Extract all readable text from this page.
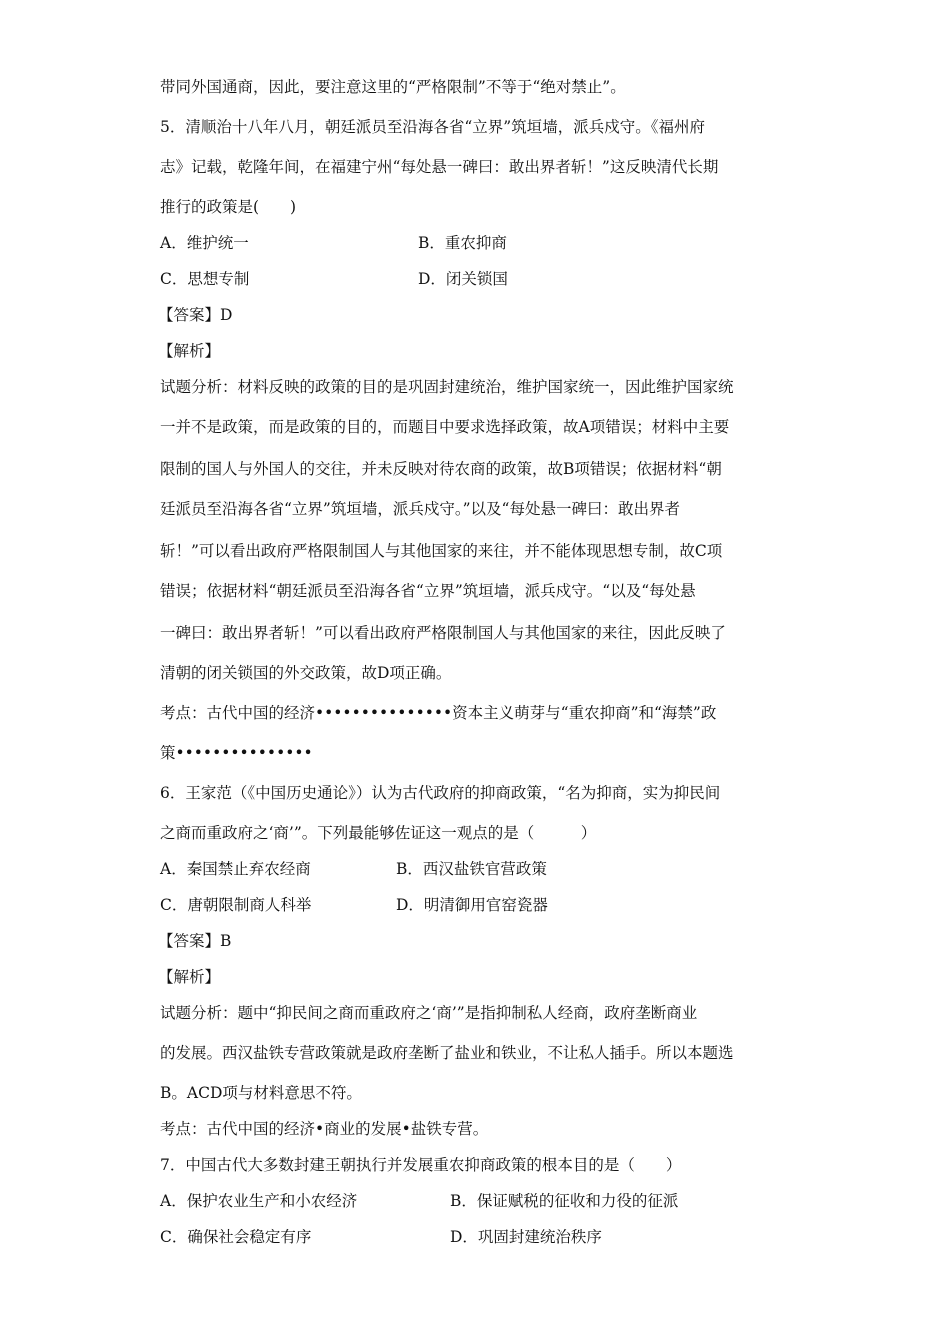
带同外国通商，因此，要注意这里的“严格限制”不等于“绝对禁止”。
5．清顺治十八年八月，朝廷派员至沿海各省“立界”筑垣墙，派兵戍守。《福州府
志》记载，乾隆年间，在福建宁州“每处悬一碑曰：敢出界者斩！”这反映清代长期
推行的政策是(　　)
A．维护统一	B．重农抑商
C．思想专制	D．闭关锁国
【答案】D
【解析】
试题分析：材料反映的政策的目的是巩固封建统治，维护国家统一，因此维护国家统
一并不是政策，而是政策的目的，而题目中要求选择政策，故A项错误；材料中主要
限制的国人与外国人的交往，并未反映对待农商的政策，故B项错误；依据材料“朝
廷派员至沿海各省“立界”筑垣墙，派兵戍守。”以及“每处悬一碑曰：敢出界者
斩！”可以看出政府严格限制国人与其他国家的来往，并不能体现思想专制，故C项
错误；依据材料“朝廷派员至沿海各省“立界”筑垣墙，派兵戍守。“以及“每处悬
一碑曰：敢出界者斩！”可以看出政府严格限制国人与其他国家的来往，因此反映了
清朝的闭关锁国的外交政策，故D项正确。
考点：古代中国的经济•••••••••••••••资本主义萌芽与“重农抑商”和“海禁”政
策•••••••••••••••
6．王家范（《中国历史通论》）认为古代政府的抑商政策，“名为抑商，实为抑民间
之商而重政府之‘商’”。下列最能够佐证这一观点的是（　　　）
A．秦国禁止弃农经商	B．西汉盐铁官营政策
C．唐朝限制商人科举	D．明清御用官窑瓷器
【答案】B
【解析】
试题分析：题中“抑民间之商而重政府之‘商’”是指抑制私人经商，政府垄断商业
的发展。西汉盐铁专营政策就是政府垄断了盐业和铁业，不让私人插手。所以本题选
B。ACD项与材料意思不符。
考点：古代中国的经济•商业的发展•盐铁专营。
7．中国古代大多数封建王朝执行并发展重农抑商政策的根本目的是（　　）
A．保护农业生产和小农经济	B．保证赋税的征收和力役的征派
C．确保社会稳定有序	D．巩固封建统治秩序
